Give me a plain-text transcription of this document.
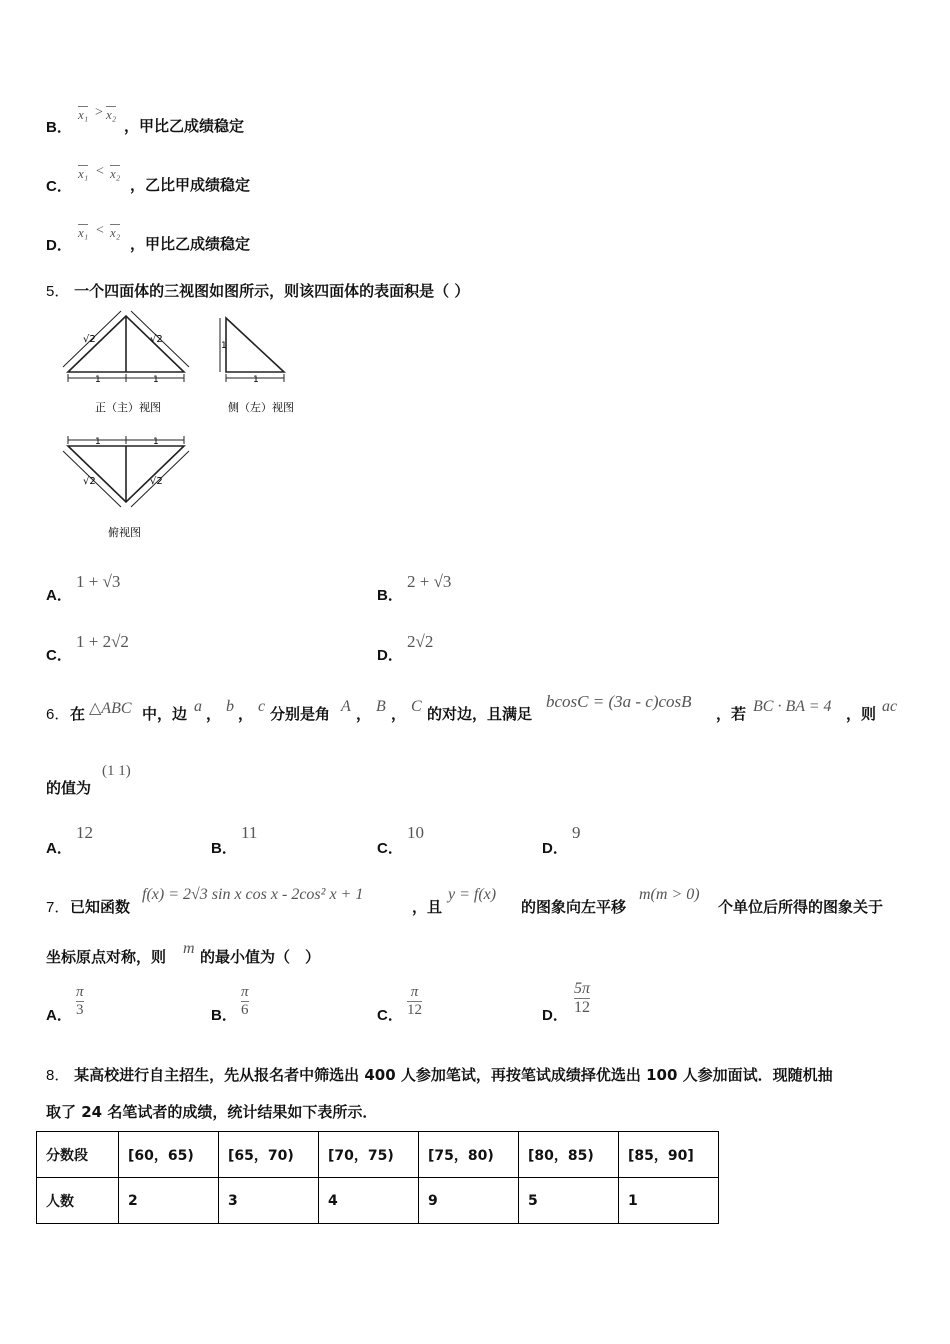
B．
x₁ > x₂
，甲比乙成绩稳定
C．
x₁ < x₂
，乙比甲成绩稳定
D．
x₁ < x₂
，甲比乙成绩稳定
5． 一个四面体的三视图如图所示，则该四面体的表面积是（ ）
√2	√2
1	1
正（主）视图
1
1
侧（左）视图
1	1
√2	√2
俯视图
A．
1 + √3
B．
2 + √3
C．
1 + 2√2
D．
2√2
6． 在 △ABC 中，边 a ， b ， c 分别是角 A ， B ， C 的对边，且满足
bcosC = (3a - c)cosB
，若 BC · BA = 4 ，则 ac
的值为
(1 1)
A．
12
B．
11
C．
10
D．
9
7． 已知函数
f(x) = 2√3 sin x cos x - 2cos² x + 1
，且
y = f(x)
的图象向左平移
m(m > 0)
个单位后所得的图象关于
坐标原点对称，则 m 的最小值为（　）
A．
π
3	B．
π
6	C．
π
12	D．
5π
12
8． 某高校进行自主招生，先从报名者中筛选出 400 人参加笔试，再按笔试成绩择优选出 100 人参加面试．现随机抽
取了 24 名笔试者的成绩，统计结果如下表所示．
分数段	[60，65)	[65，70)	[70，75)	[75，80)	[80，85)	[85，90]
人数	2	3	4	9	5	1
